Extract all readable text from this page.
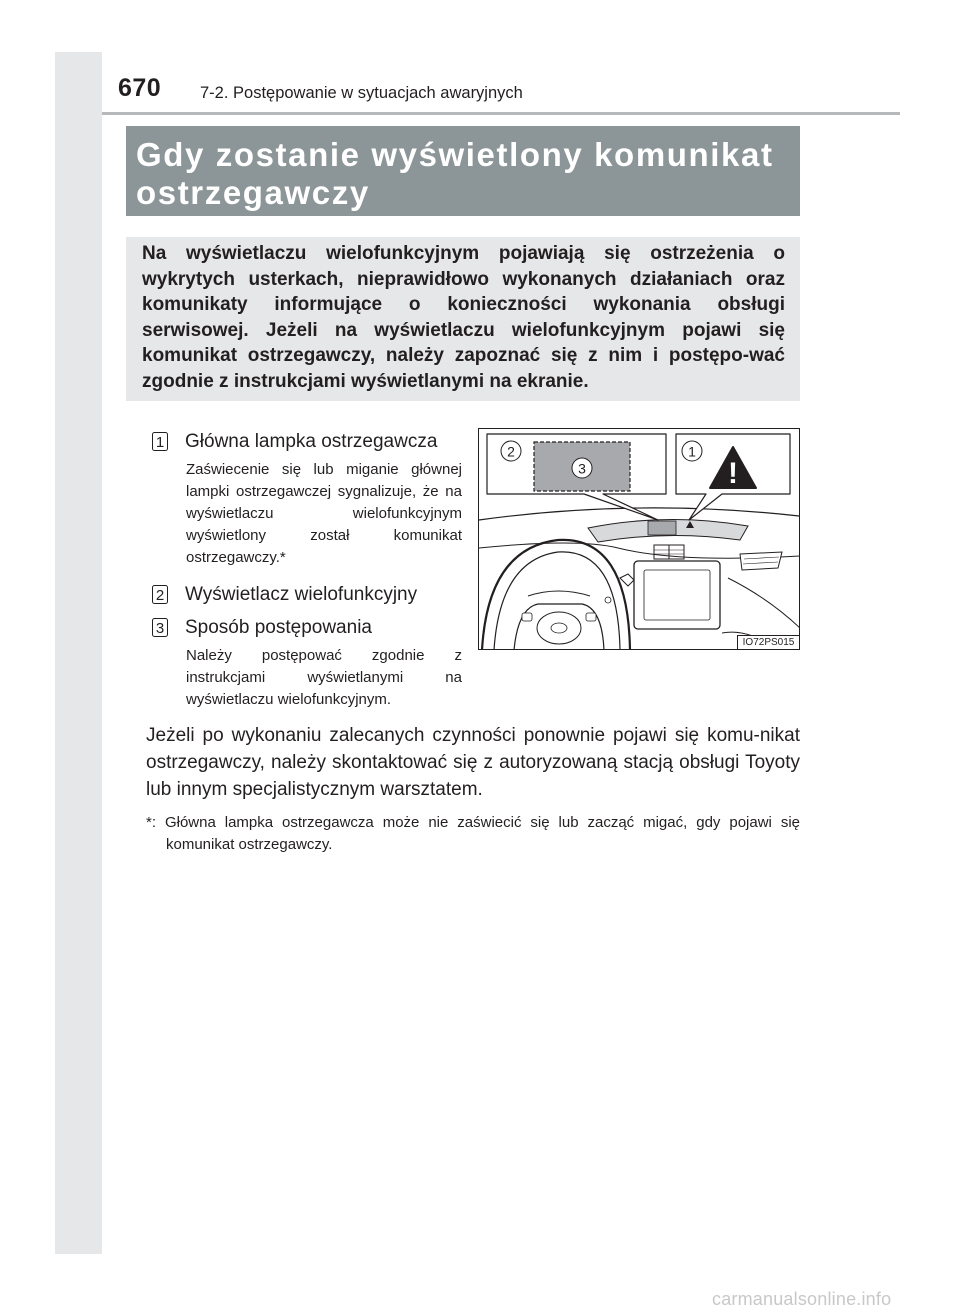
670 7-2. Postępowanie w sytuacjach awaryjnych
Gdy zostanie wyświetlony komunikat ostrzegawczy

Na wyświetlaczu wielofunkcyjnym pojawiają się ostrzeżenia o wykrytych usterkach, nieprawidłowo wykonanych działaniach oraz komunikaty informujące o konieczności wykonania obsługi serwisowej. Jeżeli na wyświetlaczu wielofunkcyjnym pojawi się komunikat ostrzegawczy, należy zapoznać się z nim i postępo-wać zgodnie z instrukcjami wyświetlanymi na ekranie.

1 Główna lampka ostrzegawcza

Zaświecenie się lub miganie głównej lampki ostrzegawczej sygnalizuje, że na wyświetlaczu wielofunkcyjnym wyświetlony został komunikat ostrzegawczy.*

2 Wyświetlacz wielofunkcyjny
3 Sposób postępowania

Należy postępować zgodnie z instrukcjami wyświetlanymi na wyświetlaczu wielofunkcyjnym.

!
2
3
1
IO72PS015

Jeżeli po wykonaniu zalecanych czynności ponownie pojawi się komu-nikat ostrzegawczy, należy skontaktować się z autoryzowaną stacją obsługi Toyoty lub innym specjalistycznym warsztatem.

*: Główna lampka ostrzegawcza może nie zaświecić się lub zacząć migać, gdy pojawi się komunikat ostrzegawczy.

carmanualsonline.info
